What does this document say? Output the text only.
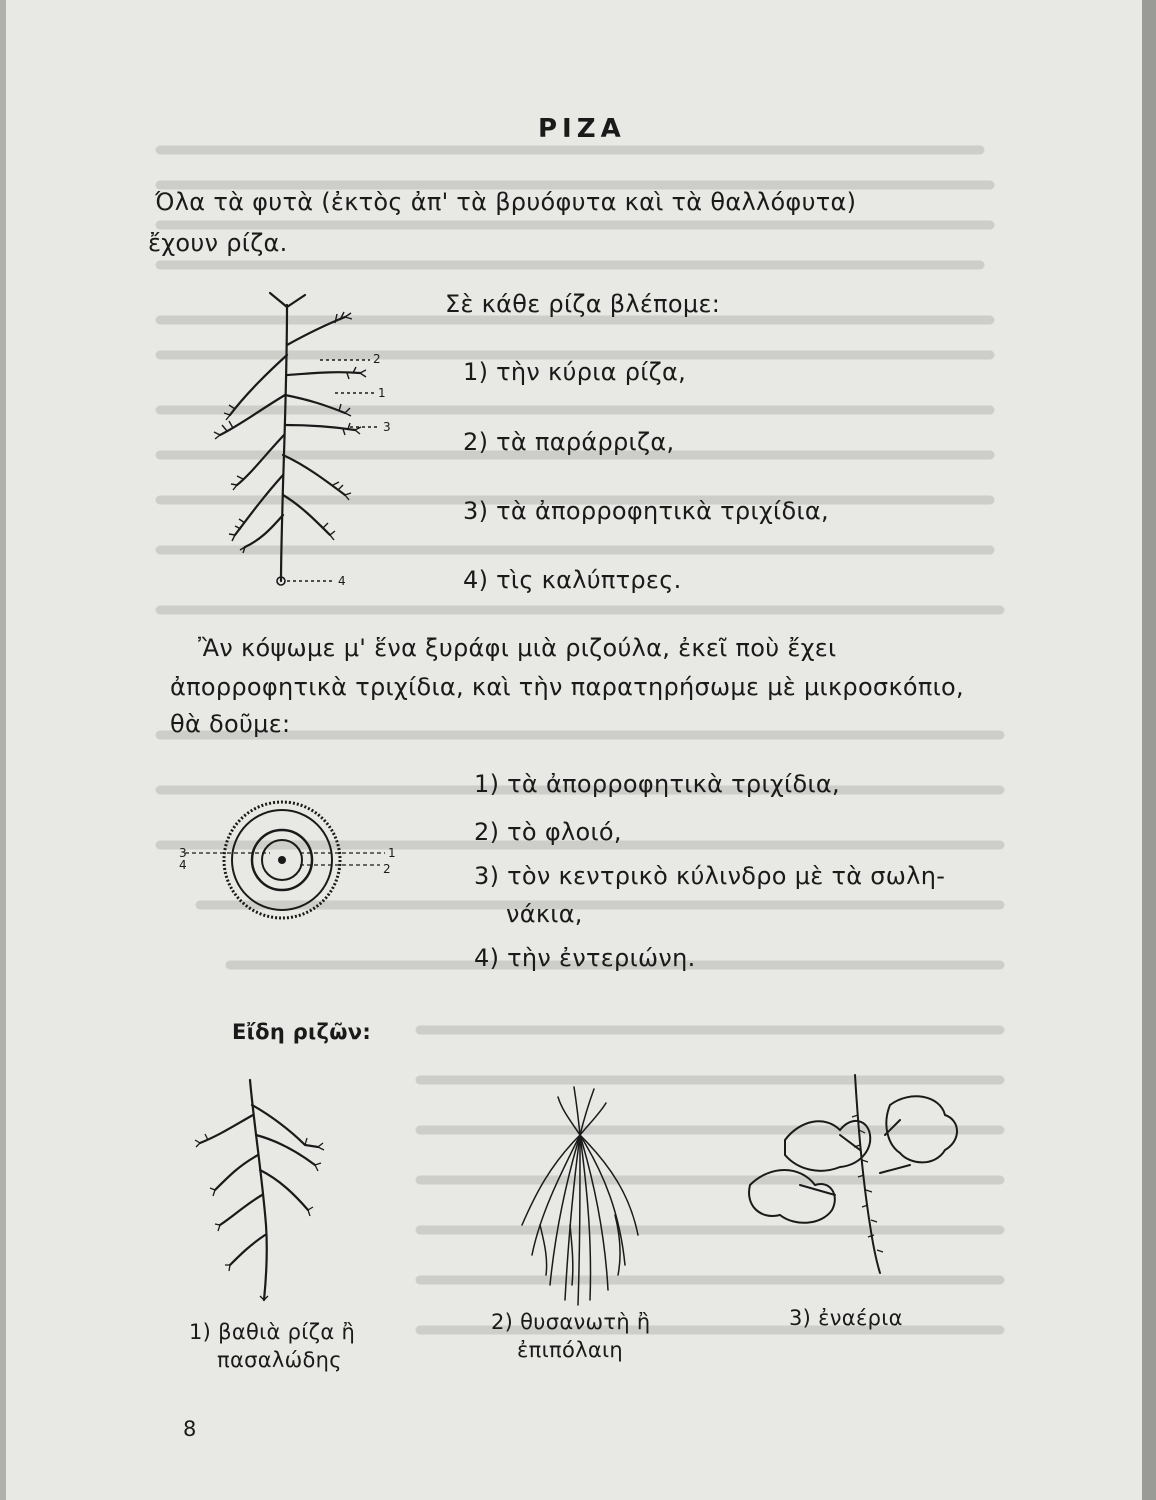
ΡΙΖΑ
Όλα τὰ φυτὰ (ἐκτὸς ἀπ' τὰ βρυόφυτα καὶ τὰ θαλλόφυτα)
ἔχουν ρίζα.
2
1
3
4
Σὲ κάθε ρίζα βλέπομε:
1) τὴν κύρια ρίζα,
2) τὰ παράρριζα,
3) τὰ ἀπορροφητικὰ τριχίδια,
4) τὶς καλύπτρες.
Ἂν κόψωμε μ' ἕνα ξυράφι μιὰ ριζούλα, ἐκεῖ ποὺ ἔχει
ἀπορροφητικὰ τριχίδια, καὶ τὴν παρατηρήσωμε μὲ μικροσκόπιο,
θὰ δοῦμε:
3
4
1
2
1) τὰ ἀπορροφητικὰ τριχίδια,
2) τὸ φλοιό,
3) τὸν κεντρικὸ κύλινδρο μὲ τὰ σωλη-
νάκια,
4) τὴν ἐντεριώνη.
Εἴδη ριζῶν:
1) βαθιὰ ρίζα ἢ
πασαλώδης
2) θυσανωτὴ ἢ
ἐπιπόλαιη
3) ἐναέρια
8
